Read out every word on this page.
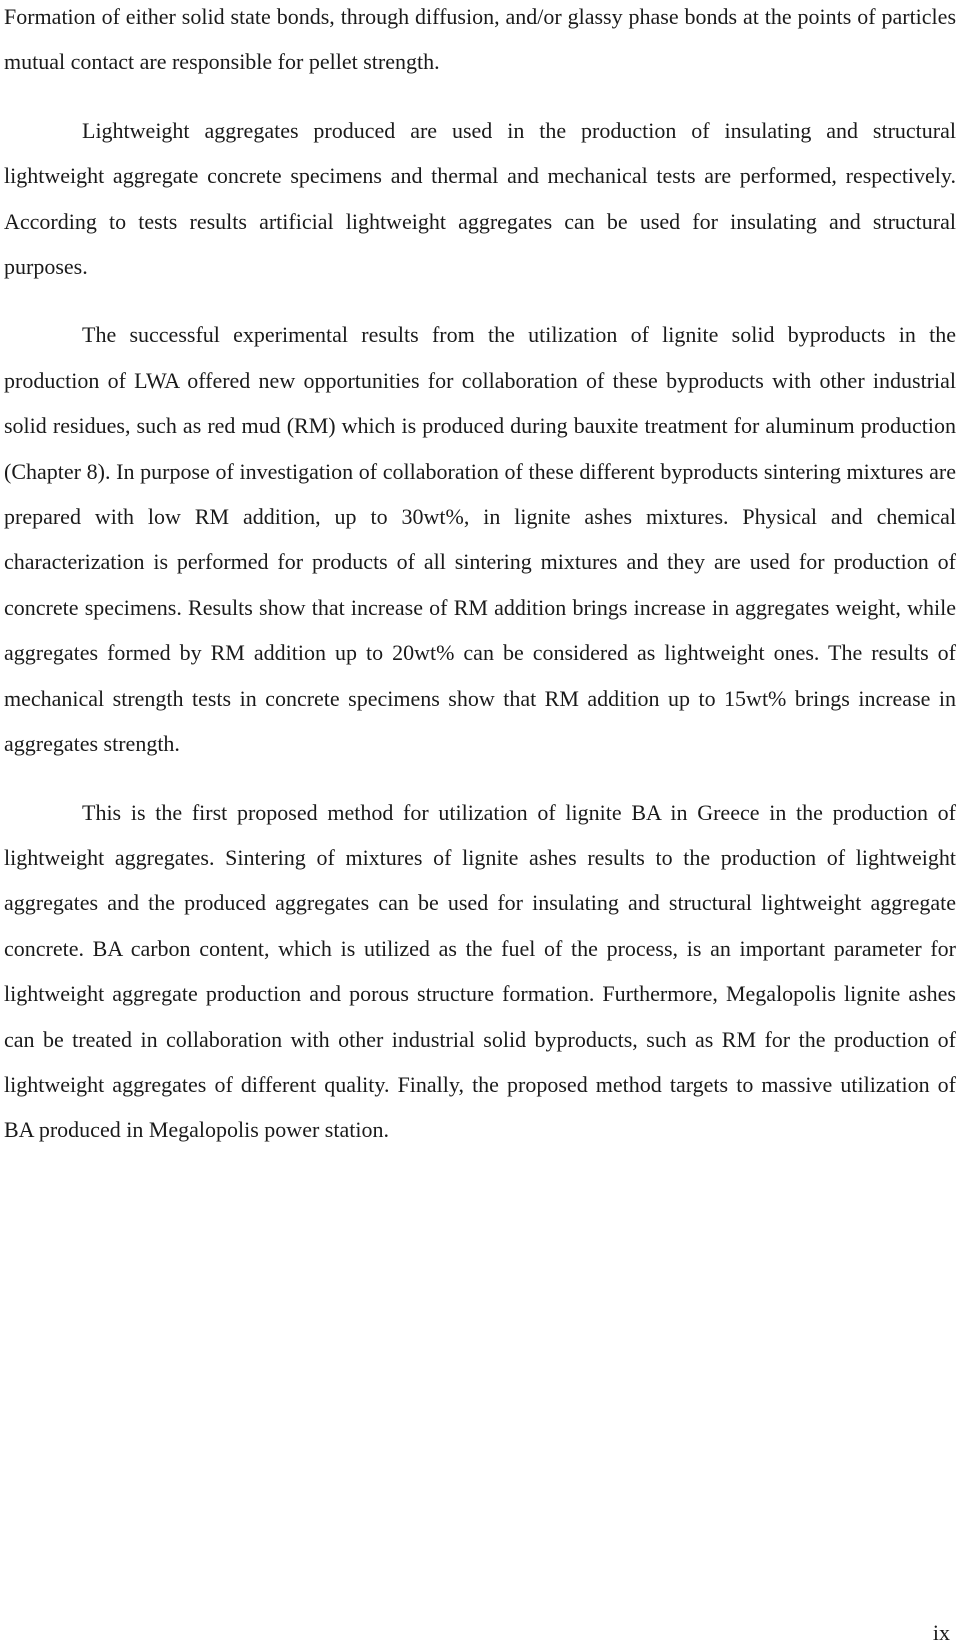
Formation of either solid state bonds, through diffusion, and/or glassy phase bonds at the points of particles mutual contact are responsible for pellet strength.

Lightweight aggregates produced are used in the production of insulating and structural lightweight aggregate concrete specimens and thermal and mechanical tests are performed, respectively. According to tests results artificial lightweight aggregates can be used for insulating and structural purposes.

The successful experimental results from the utilization of lignite solid byproducts in the production of LWA offered new opportunities for collaboration of these byproducts with other industrial solid residues, such as red mud (RM) which is produced during bauxite treatment for aluminum production (Chapter 8). In purpose of investigation of collaboration of these different byproducts sintering mixtures are prepared with low RM addition, up to 30wt%, in lignite ashes mixtures. Physical and chemical characterization is performed for products of all sintering mixtures and they are used for production of concrete specimens. Results show that increase of RM addition brings increase in aggregates weight, while aggregates formed by RM addition up to 20wt% can be considered as lightweight ones. The results of mechanical strength tests in concrete specimens show that RM addition up to 15wt% brings increase in aggregates strength.

This is the first proposed method for utilization of lignite BA in Greece in the production of lightweight aggregates. Sintering of mixtures of lignite ashes results to the production of lightweight aggregates and the produced aggregates can be used for insulating and structural lightweight aggregate concrete. BA carbon content, which is utilized as the fuel of the process, is an important parameter for lightweight aggregate production and porous structure formation. Furthermore, Megalopolis lignite ashes can be treated in collaboration with other industrial solid byproducts, such as RM for the production of lightweight aggregates of different quality. Finally, the proposed method targets to massive utilization of BA produced in Megalopolis power station.

ix
